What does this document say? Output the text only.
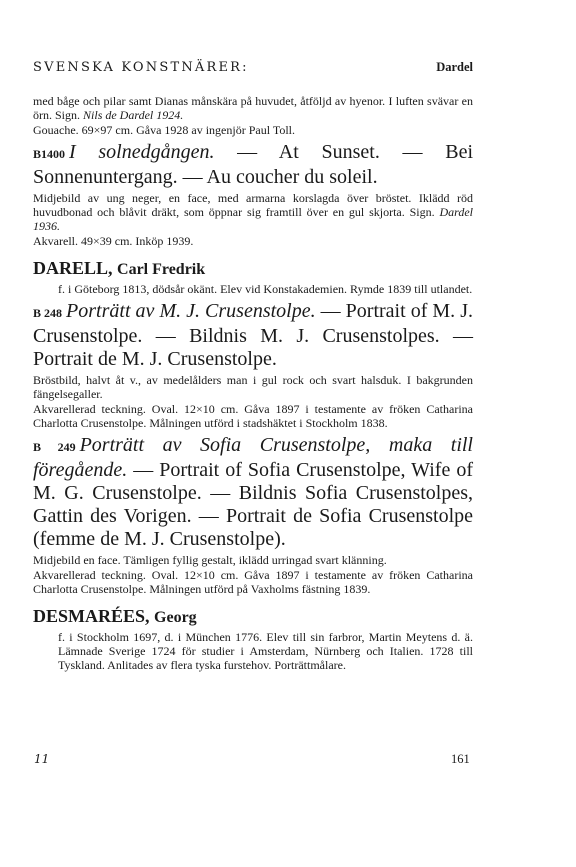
SVENSKA KONSTNÄRER:	Dardel

med båge och pilar samt Dianas månskära på huvudet, åtföljd av hyenor. I luften svävar en örn. Sign. Nils de Dardel 1924.

Gouache. 69×97 cm. Gåva 1928 av ingenjör Paul Toll.

B1400 I solnedgången. — At Sunset. — Bei Sonnenuntergang. — Au coucher du soleil.

Midjebild av ung neger, en face, med armarna korslagda över bröstet. Iklädd röd huvudbonad och blåvit dräkt, som öppnar sig framtill över en gul skjorta. Sign. Dardel 1936.

Akvarell. 49×39 cm. Inköp 1939.

DARELL, Carl Fredrik

f. i Göteborg 1813, dödsår okänt. Elev vid Konstakademien. Rymde 1839 till utlandet.

B 248 Porträtt av M. J. Crusenstolpe. — Portrait of M. J. Crusenstolpe. — Bildnis M. J. Crusenstolpes. — Portrait de M. J. Crusenstolpe.

Bröstbild, halvt åt v., av medelålders man i gul rock och svart halsduk. I bakgrunden fängelsegaller.

Akvarellerad teckning. Oval. 12×10 cm. Gåva 1897 i testamente av fröken Catharina Charlotta Crusenstolpe. Målningen utförd i stadshäktet i Stockholm 1838.

B 249 Porträtt av Sofia Crusenstolpe, maka till föregående. — Portrait of Sofia Crusenstolpe, Wife of M. G. Crusenstolpe. — Bildnis Sofia Crusenstolpes, Gattin des Vorigen. — Portrait de Sofia Crusenstolpe (femme de M. J. Crusenstolpe).

Midjebild en face. Tämligen fyllig gestalt, iklädd urringad svart klänning.

Akvarellerad teckning. Oval. 12×10 cm. Gåva 1897 i testamente av fröken Catharina Charlotta Crusenstolpe. Målningen utförd på Vaxholms fästning 1839.

DESMARÉES, Georg

f. i Stockholm 1697, d. i München 1776. Elev till sin farbror, Martin Meytens d. ä. Lämnade Sverige 1724 för studier i Amsterdam, Nürnberg och Italien. 1728 till Tyskland. Anlitades av flera tyska furstehov. Porträttmålare.

11	161
